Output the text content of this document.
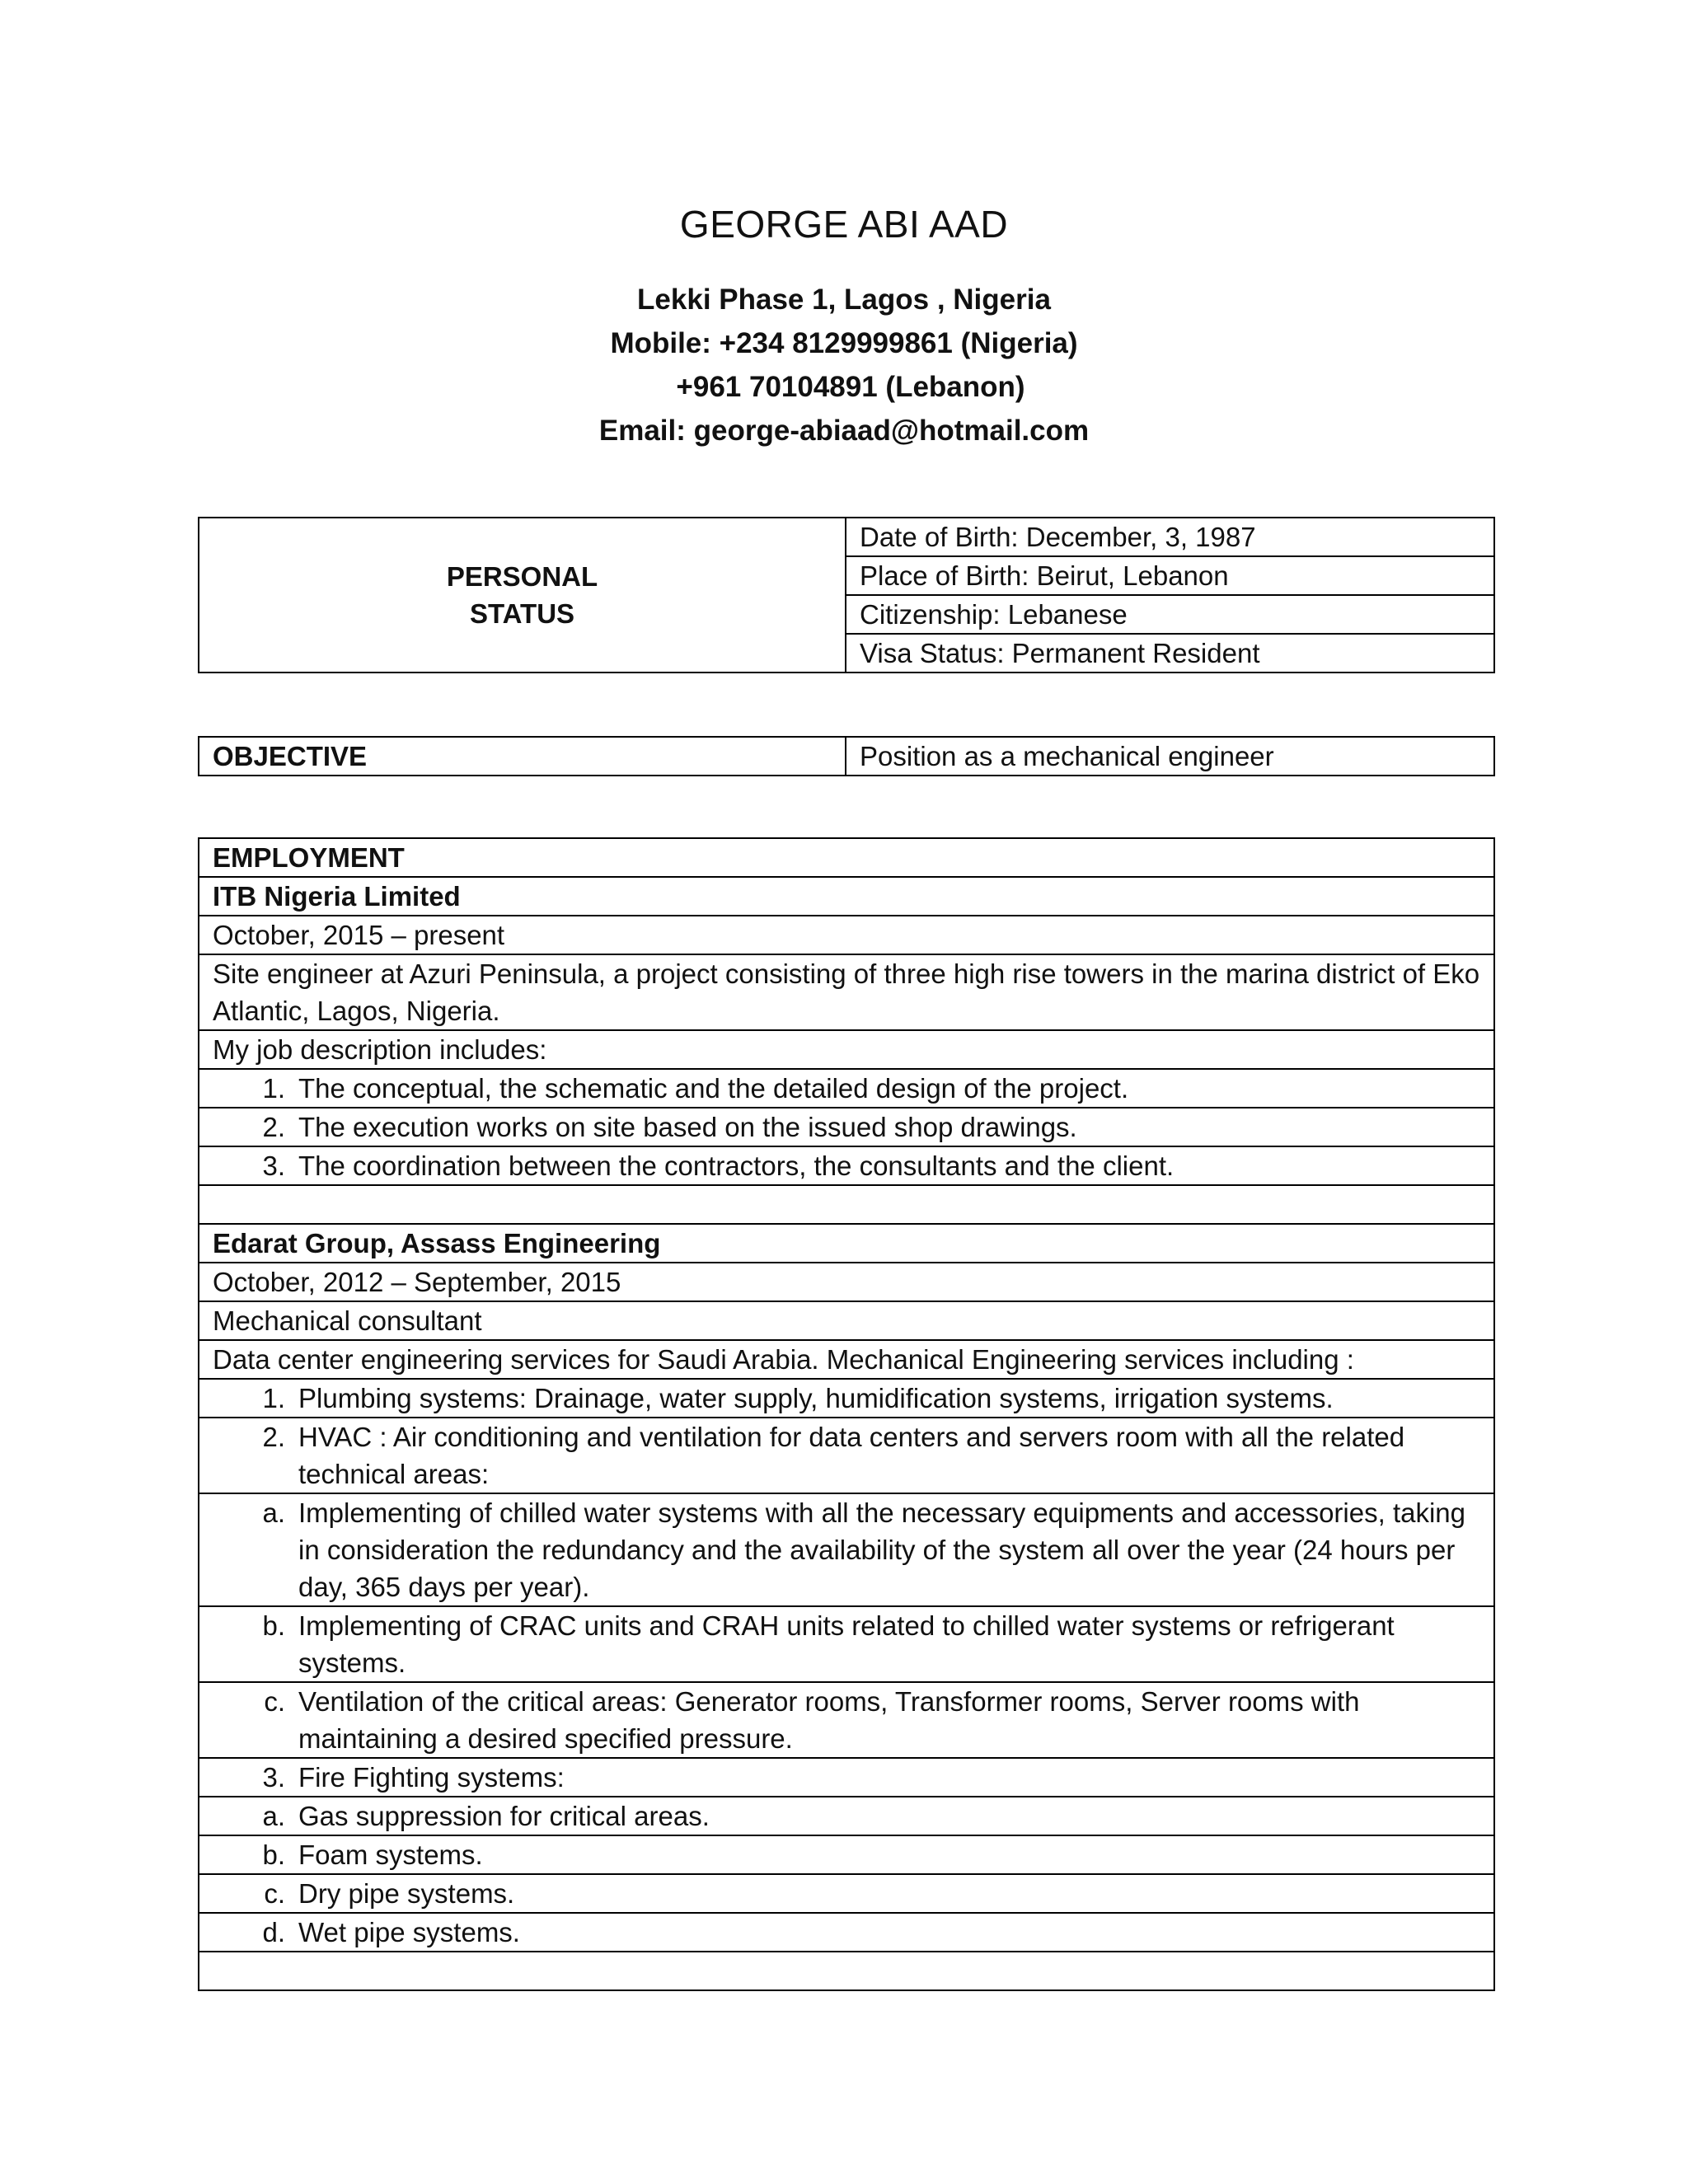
GEORGE ABI AAD
Lekki Phase 1, Lagos , Nigeria
Mobile: +234 8129999861 (Nigeria)
+961 70104891 (Lebanon)
Email: george-abiaad@hotmail.com
PERSONAL
STATUS
	Date of Birth: December, 3, 1987
Place of Birth: Beirut, Lebanon
Citizenship: Lebanese
Visa Status: Permanent Resident
OBJECTIVE	Position as a mechanical engineer
EMPLOYMENT
ITB Nigeria Limited
October, 2015 – present
Site engineer at Azuri Peninsula, a project consisting of three high rise towers in the marina district of Eko Atlantic, Lagos, Nigeria.
My job description includes:

1. The conceptual, the schematic and the detailed design of the project.

2. The execution works on site based on the issued shop drawings.

3. The coordination between the contractors, the consultants and the client.

Edarat Group, Assass Engineering
October, 2012 – September, 2015
Mechanical consultant
Data center engineering services for Saudi Arabia. Mechanical Engineering services including :

1. Plumbing systems: Drainage, water supply, humidification systems, irrigation systems.

2. HVAC : Air conditioning and ventilation for data centers and servers room with all the related technical areas:

a. Implementing of chilled water systems with all the necessary equipments and accessories, taking in consideration the redundancy and the availability of the system all over the year (24 hours per day, 365 days per year).

b. Implementing of CRAC units and CRAH units related to chilled water systems or refrigerant systems.

c. Ventilation of the critical areas: Generator rooms, Transformer rooms, Server rooms with maintaining a desired specified pressure.

3. Fire Fighting systems:

a. Gas suppression for critical areas.

b. Foam systems.

c. Dry pipe systems.

d. Wet pipe systems.
